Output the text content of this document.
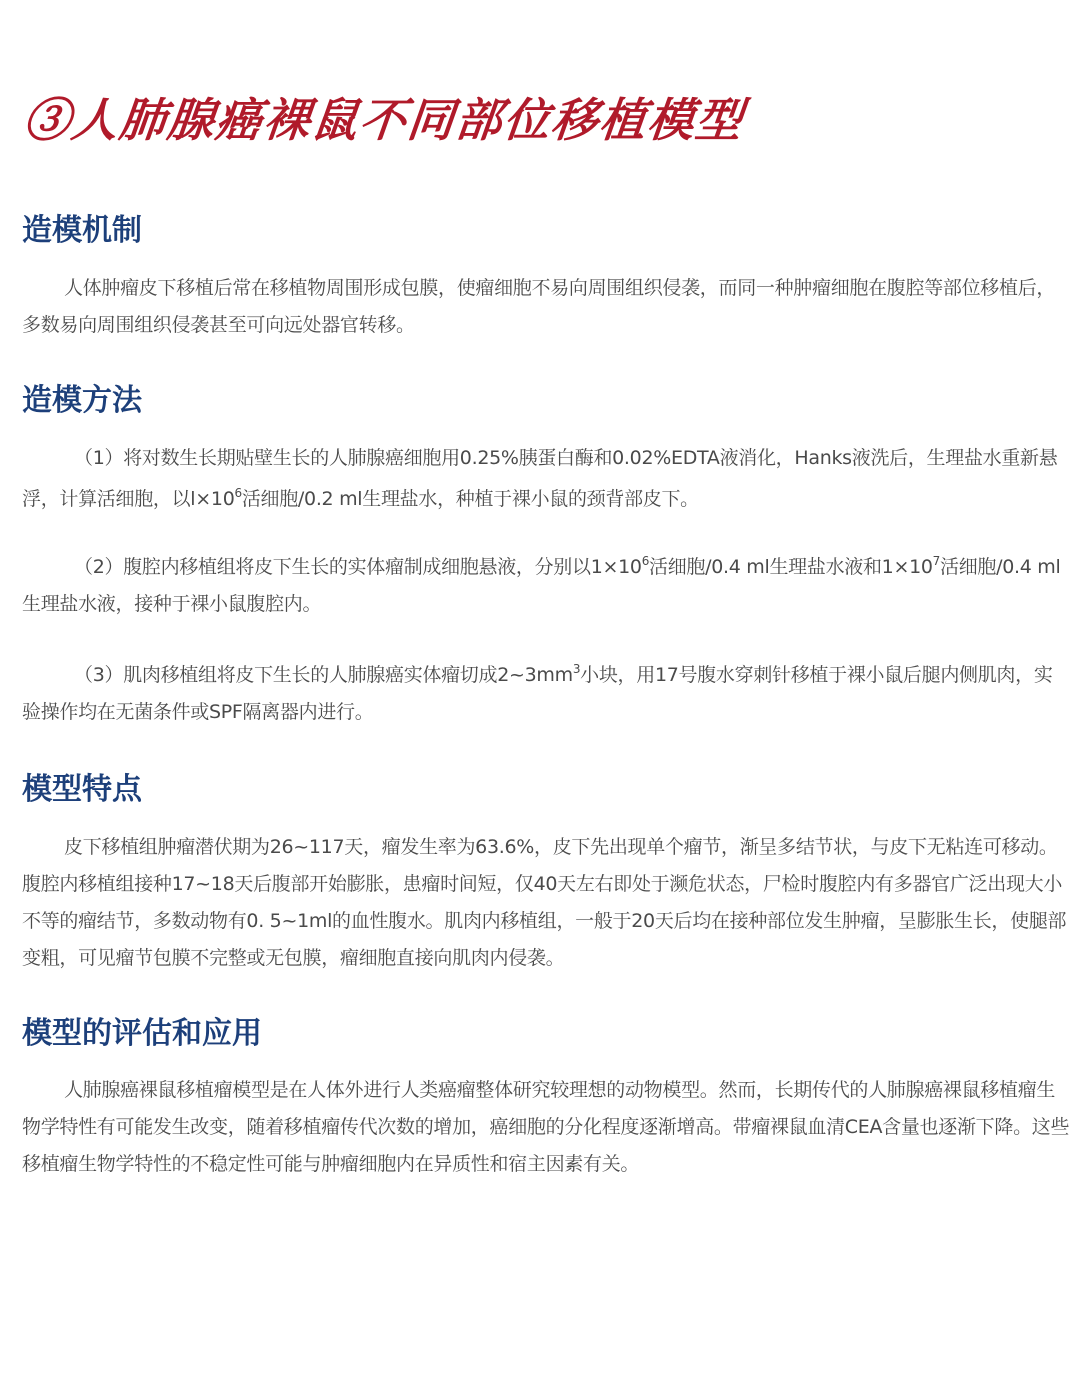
③人肺腺癌裸鼠不同部位移植模型
造模机制

人体肿瘤皮下移植后常在移植物周围形成包膜，使瘤细胞不易向周围组织侵袭，而同一种肿瘤细胞在腹腔等部位移植后，多数易向周围组织侵袭甚至可向远处器官转移。

造模方法

（1）将对数生长期贴壁生长的人肺腺癌细胞用0.25%胰蛋白酶和0.02%EDTA液消化，Hanks液洗后，生理盐水重新悬浮，计算活细胞，以$l\times 10^6$活细胞/0.2 ml生理盐水，种植于裸小鼠的颈背部皮下。

（2）腹腔内移植组将皮下生长的实体瘤制成细胞悬液，分别以$1\times 10^6$活细胞/0.4 ml生理盐水液和$1\times 10^7$活细胞/0.4 ml生理盐水液，接种于裸小鼠腹腔内。

（3）肌肉移植组将皮下生长的人肺腺癌实体瘤切成$2\sim 3mm^3$小块，用17号腹水穿刺针移植于裸小鼠后腿内侧肌肉，实验操作均在无菌条件或SPF隔离器内进行。

模型特点

皮下移植组肿瘤潜伏期为26~117天，瘤发生率为63.6%，皮下先出现单个瘤节，渐呈多结节状，与皮下无粘连可移动。腹腔内移植组接种17~18天后腹部开始膨胀，患瘤时间短，仅40天左右即处于濒危状态，尸检时腹腔内有多器官广泛出现大小不等的瘤结节，多数动物有0. 5~1ml的血性腹水。肌肉内移植组，一般于20天后均在接种部位发生肿瘤，呈膨胀生长，使腿部变粗，可见瘤节包膜不完整或无包膜，瘤细胞直接向肌肉内侵袭。

模型的评估和应用

人肺腺癌裸鼠移植瘤模型是在人体外进行人类癌瘤整体研究较理想的动物模型。然而，长期传代的人肺腺癌裸鼠移植瘤生物学特性有可能发生改变，随着移植瘤传代次数的增加，癌细胞的分化程度逐渐增高。带瘤裸鼠血清CEA含量也逐渐下降。这些移植瘤生物学特性的不稳定性可能与肿瘤细胞内在异质性和宿主因素有关。
